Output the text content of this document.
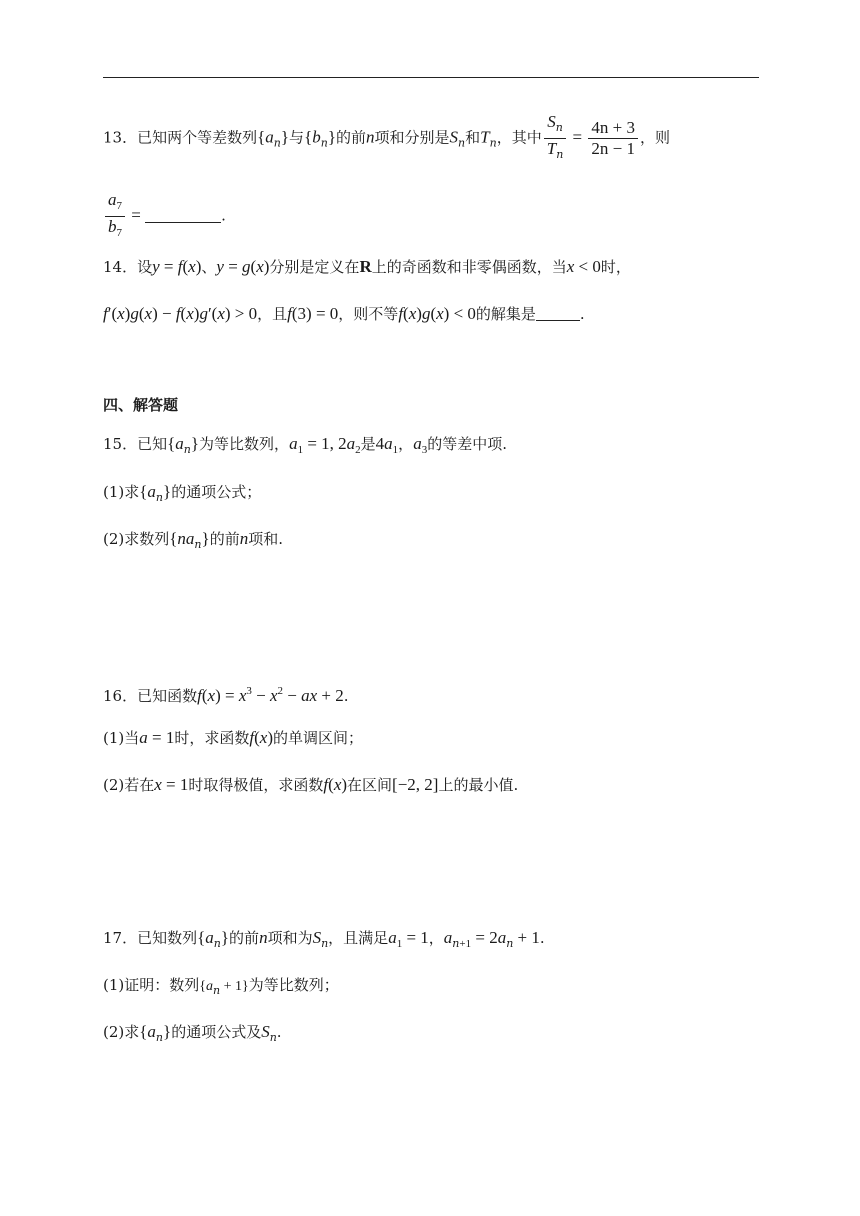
13．已知两个等差数列$\{a_n\}$与$\{b_n\}$的前n项和分别是$S_n$和$T_n$，其中 $\frac{S_n}{T_n} = \frac{4n + 3}{2n - 1}$ ，则
$\frac{a_7}{b_7}$ =	.
14．设y = f(x)、y = g(x)分别是定义在R上的奇函数和非零偶函数，当x < 0时，
f′(x)g(x) − f(x)g′(x) > 0，且f(3) = 0，则不等f(x)g(x) < 0的解集是	.
四、解答题
15．已知$\{a_n\}$为等比数列，$a_1 = 1$, $2a_2$是$4a_1$，$a_3$的等差中项.
(1)求$\{a_n\}$的通项公式；
(2)求数列$\{na_n\}$的前n项和.
16．已知函数$f(x) = x^3 - x^2$ − ax + 2.
(1)当a = 1时，求函数f(x)的单调区间；
(2)若在x = 1时取得极值，求函数f(x)在区间[−2, 2]上的最小值.
17．已知数列$\{a_n\}$的前n项和为$S_n$，且满足$a_1 = 1$，$a_{n+1} = 2a_n + 1$.
(1)证明：数列$\{a_n + 1\}$为等比数列；
(2)求$\{a_n\}$的通项公式及$S_n$.
